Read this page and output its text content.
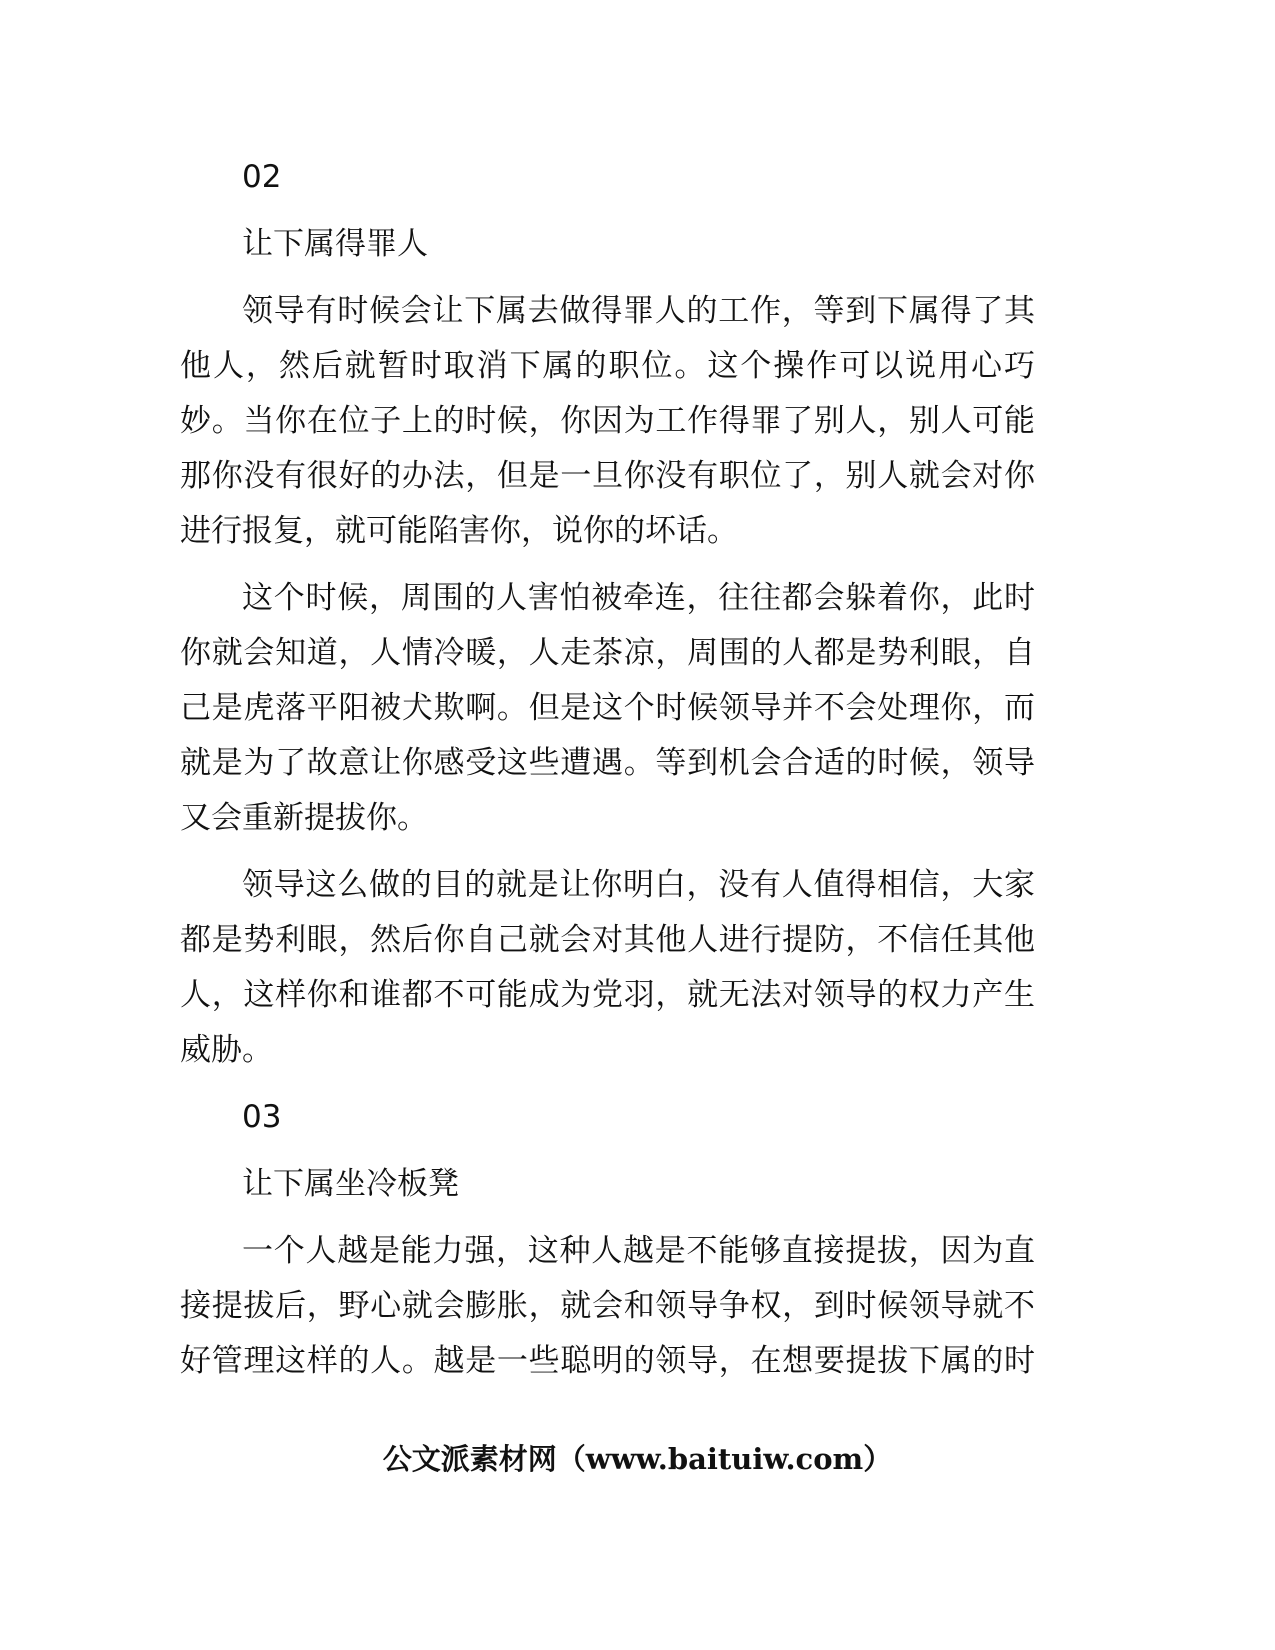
02

让下属得罪人

领导有时候会让下属去做得罪人的工作，等到下属得了其

他人，然后就暂时取消下属的职位。这个操作可以说用心巧

妙。当你在位子上的时候，你因为工作得罪了别人，别人可能

那你没有很好的办法，但是一旦你没有职位了，别人就会对你

进行报复，就可能陷害你，说你的坏话。

这个时候，周围的人害怕被牵连，往往都会躲着你，此时

你就会知道，人情冷暖，人走茶凉，周围的人都是势利眼，自

己是虎落平阳被犬欺啊。但是这个时候领导并不会处理你，而

就是为了故意让你感受这些遭遇。等到机会合适的时候，领导

又会重新提拔你。

领导这么做的目的就是让你明白，没有人值得相信，大家

都是势利眼，然后你自己就会对其他人进行提防，不信任其他

人，这样你和谁都不可能成为党羽，就无法对领导的权力产生

威胁。

03

让下属坐冷板凳

一个人越是能力强，这种人越是不能够直接提拔，因为直

接提拔后，野心就会膨胀，就会和领导争权，到时候领导就不

好管理这样的人。越是一些聪明的领导，在想要提拔下属的时

公文派素材网（www.baituiw.com）
